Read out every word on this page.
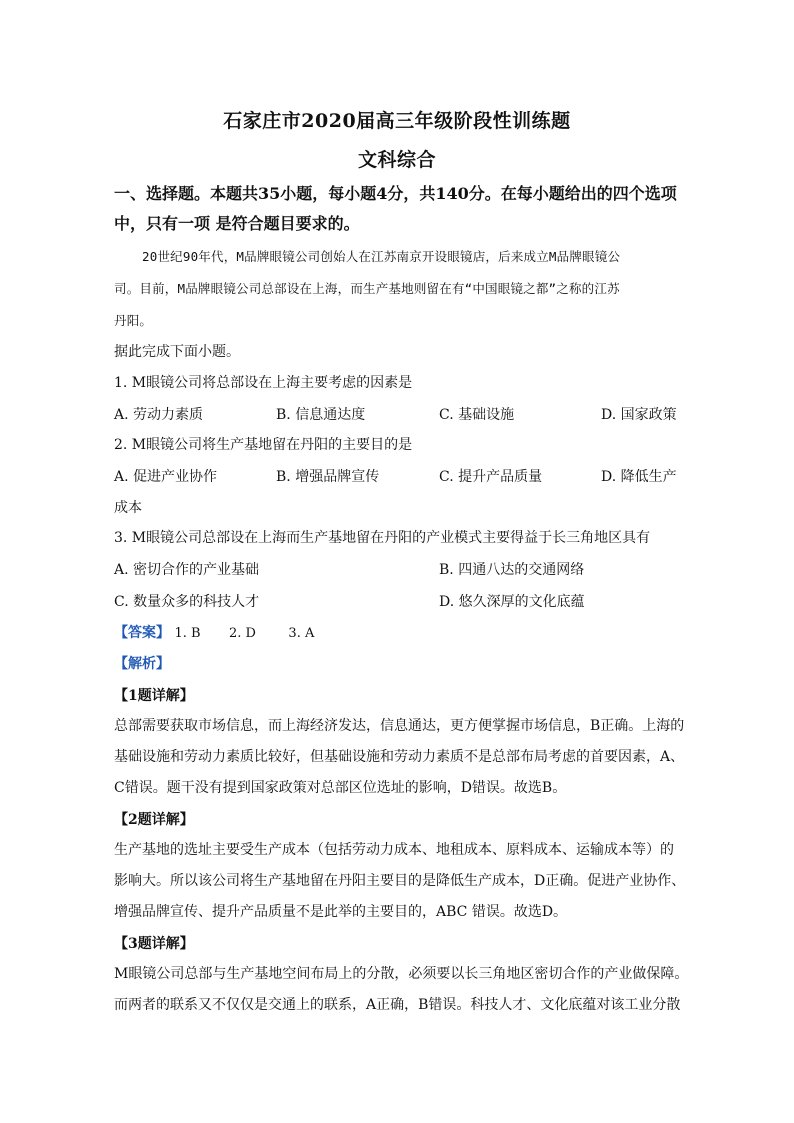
石家庄市2020届高三年级阶段性训练题
文科综合
一、选择题。本题共35小题，每小题4分，共140分。在每小题给出的四个选项
中，只有一项 是符合题目要求的。
20世纪90年代，M品牌眼镜公司创始人在江苏南京开设眼镜店，后来成立M品牌眼镜公
司。目前，M品牌眼镜公司总部设在上海，而生产基地则留在有“中国眼镜之都”之称的江苏
丹阳。
据此完成下面小题。
1. M眼镜公司将总部设在上海主要考虑的因素是
A. 劳动力素质	B. 信息通达度	C. 基础设施	D. 国家政策
2. M眼镜公司将生产基地留在丹阳的主要目的是
A. 促进产业协作	B. 增强品牌宣传	C. 提升产品质量	D. 降低生产
成本
3. M眼镜公司总部设在上海而生产基地留在丹阳的产业模式主要得益于长三角地区具有
A. 密切合作的产业基础	B. 四通八达的交通网络
C. 数量众多的科技人才	D. 悠久深厚的文化底蕴
【答案】 1. B 2. D 3. A
【解析】
【1题详解】
总部需要获取市场信息，而上海经济发达，信息通达，更方便掌握市场信息，B正确。上海的
基础设施和劳动力素质比较好，但基础设施和劳动力素质不是总部布局考虑的首要因素，A、
C错误。题干没有提到国家政策对总部区位选址的影响，D错误。故选B。
【2题详解】
生产基地的选址主要受生产成本（包括劳动力成本、地租成本、原料成本、运输成本等）的
影响大。所以该公司将生产基地留在丹阳主要目的是降低生产成本，D正确。促进产业协作、
增强品牌宣传、提升产品质量不是此举的主要目的，ABC 错误。故选D。
【3题详解】
M眼镜公司总部与生产基地空间布局上的分散，必须要以长三角地区密切合作的产业做保障。
而两者的联系又不仅仅是交通上的联系，A正确，B错误。科技人才、文化底蕴对该工业分散
